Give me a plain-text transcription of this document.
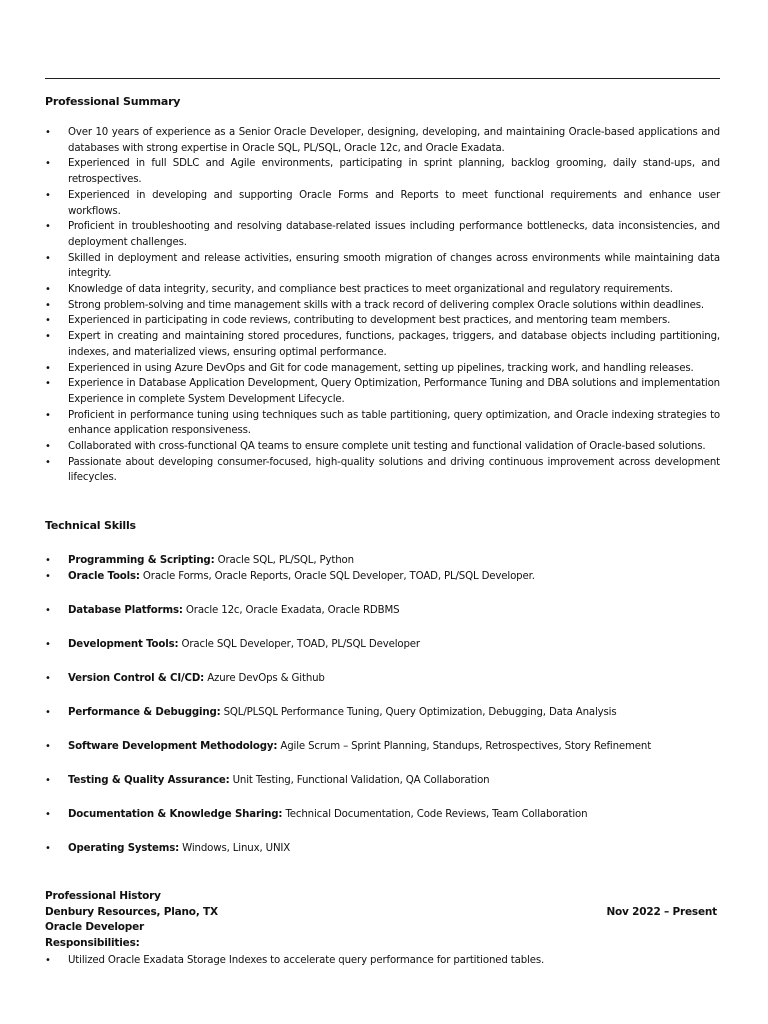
Professional Summary
• Over 10 years of experience as a Senior Oracle Developer, designing, developing, and maintaining Oracle-based applications and databases with strong expertise in Oracle SQL, PL/SQL, Oracle 12c, and Oracle Exadata.
• Experienced in full SDLC and Agile environments, participating in sprint planning, backlog grooming, daily stand-ups, and retrospectives.
• Experienced in developing and supporting Oracle Forms and Reports to meet functional requirements and enhance user workflows.
• Proficient in troubleshooting and resolving database-related issues including performance bottlenecks, data inconsistencies, and deployment challenges.
• Skilled in deployment and release activities, ensuring smooth migration of changes across environments while maintaining data integrity.
• Knowledge of data integrity, security, and compliance best practices to meet organizational and regulatory requirements.
• Strong problem-solving and time management skills with a track record of delivering complex Oracle solutions within deadlines.
• Experienced in participating in code reviews, contributing to development best practices, and mentoring team members.
• Expert in creating and maintaining stored procedures, functions, packages, triggers, and database objects including partitioning, indexes, and materialized views, ensuring optimal performance.
• Experienced in using Azure DevOps and Git for code management, setting up pipelines, tracking work, and handling releases.
• Experience in Database Application Development, Query Optimization, Performance Tuning and DBA solutions and implementation Experience in complete System Development Lifecycle.
• Proficient in performance tuning using techniques such as table partitioning, query optimization, and Oracle indexing strategies to enhance application responsiveness.
• Collaborated with cross-functional QA teams to ensure complete unit testing and functional validation of Oracle-based solutions.
• Passionate about developing consumer-focused, high-quality solutions and driving continuous improvement across development lifecycles.
Technical Skills
• Programming & Scripting: Oracle SQL, PL/SQL, Python
• Oracle Tools: Oracle Forms, Oracle Reports, Oracle SQL Developer, TOAD, PL/SQL Developer.
• Database Platforms: Oracle 12c, Oracle Exadata, Oracle RDBMS
• Development Tools: Oracle SQL Developer, TOAD, PL/SQL Developer
• Version Control & CI/CD: Azure DevOps & Github
• Performance & Debugging: SQL/PLSQL Performance Tuning, Query Optimization, Debugging, Data Analysis
• Software Development Methodology: Agile Scrum – Sprint Planning, Standups, Retrospectives, Story Refinement
• Testing & Quality Assurance: Unit Testing, Functional Validation, QA Collaboration
• Documentation & Knowledge Sharing: Technical Documentation, Code Reviews, Team Collaboration
• Operating Systems: Windows, Linux, UNIX
Professional History
Denbury Resources, Plano, TX	Nov 2022 – Present
Oracle Developer
Responsibilities:
• Utilized Oracle Exadata Storage Indexes to accelerate query performance for partitioned tables.
